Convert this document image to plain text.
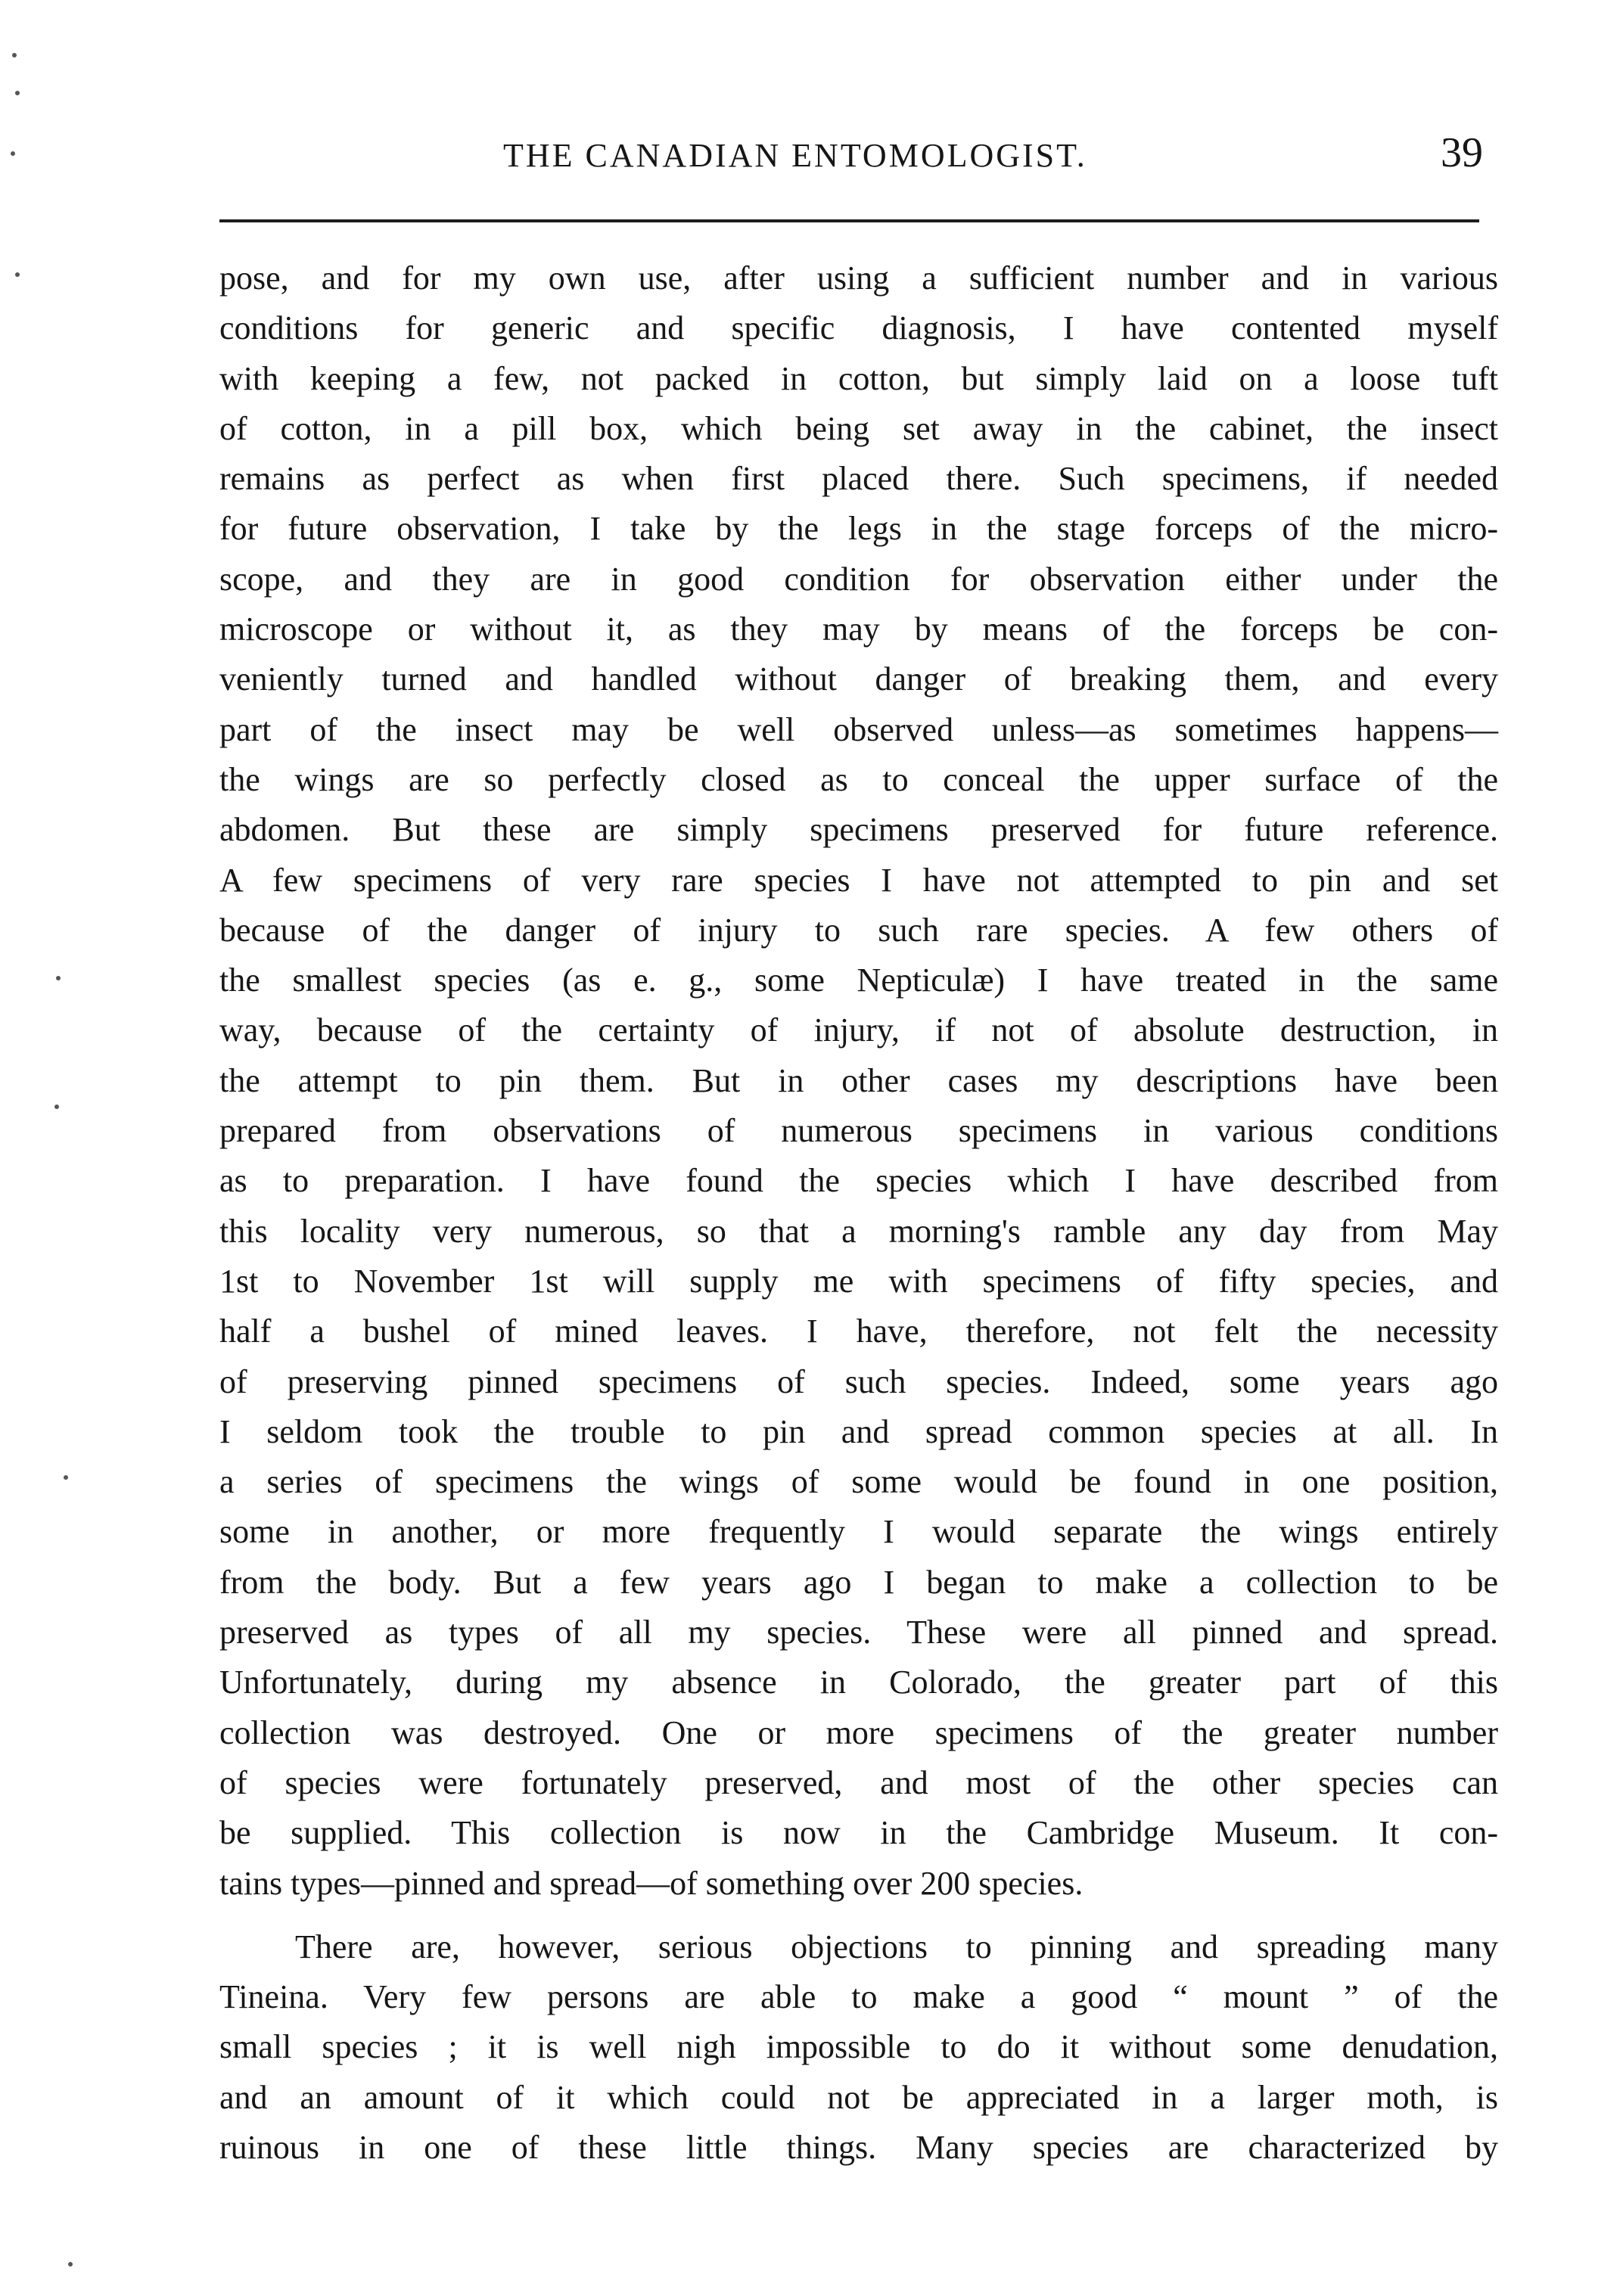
THE CANADIAN ENTOMOLOGIST.	39
pose, and for my own use, after using a sufficient number and in various
conditions for generic and specific diagnosis, I have contented myself
with keeping a few, not packed in cotton, but simply laid on a loose tuft
of cotton, in a pill box, which being set away in the cabinet, the insect
remains as perfect as when first placed there. Such specimens, if needed
for future observation, I take by the legs in the stage forceps of the micro-
scope, and they are in good condition for observation either under the
microscope or without it, as they may by means of the forceps be con-
veniently turned and handled without danger of breaking them, and every
part of the insect may be well observed unless—as sometimes happens—
the wings are so perfectly closed as to conceal the upper surface of the
abdomen. But these are simply specimens preserved for future reference.
A few specimens of very rare species I have not attempted to pin and set
because of the danger of injury to such rare species. A few others of
the smallest species (as e. g., some Nepticulæ) I have treated in the same
way, because of the certainty of injury, if not of absolute destruction, in
the attempt to pin them. But in other cases my descriptions have been
prepared from observations of numerous specimens in various conditions
as to preparation. I have found the species which I have described from
this locality very numerous, so that a morning's ramble any day from May
1st to November 1st will supply me with specimens of fifty species, and
half a bushel of mined leaves. I have, therefore, not felt the necessity
of preserving pinned specimens of such species. Indeed, some years ago
I seldom took the trouble to pin and spread common species at all. In
a series of specimens the wings of some would be found in one position,
some in another, or more frequently I would separate the wings entirely
from the body. But a few years ago I began to make a collection to be
preserved as types of all my species. These were all pinned and spread.
Unfortunately, during my absence in Colorado, the greater part of this
collection was destroyed. One or more specimens of the greater number
of species were fortunately preserved, and most of the other species can
be supplied. This collection is now in the Cambridge Museum. It con-
tains types—pinned and spread—of something over 200 species.
There are, however, serious objections to pinning and spreading many
Tineina. Very few persons are able to make a good “ mount ” of the
small species ; it is well nigh impossible to do it without some denudation,
and an amount of it which could not be appreciated in a larger moth, is
ruinous in one of these little things. Many species are characterized by
